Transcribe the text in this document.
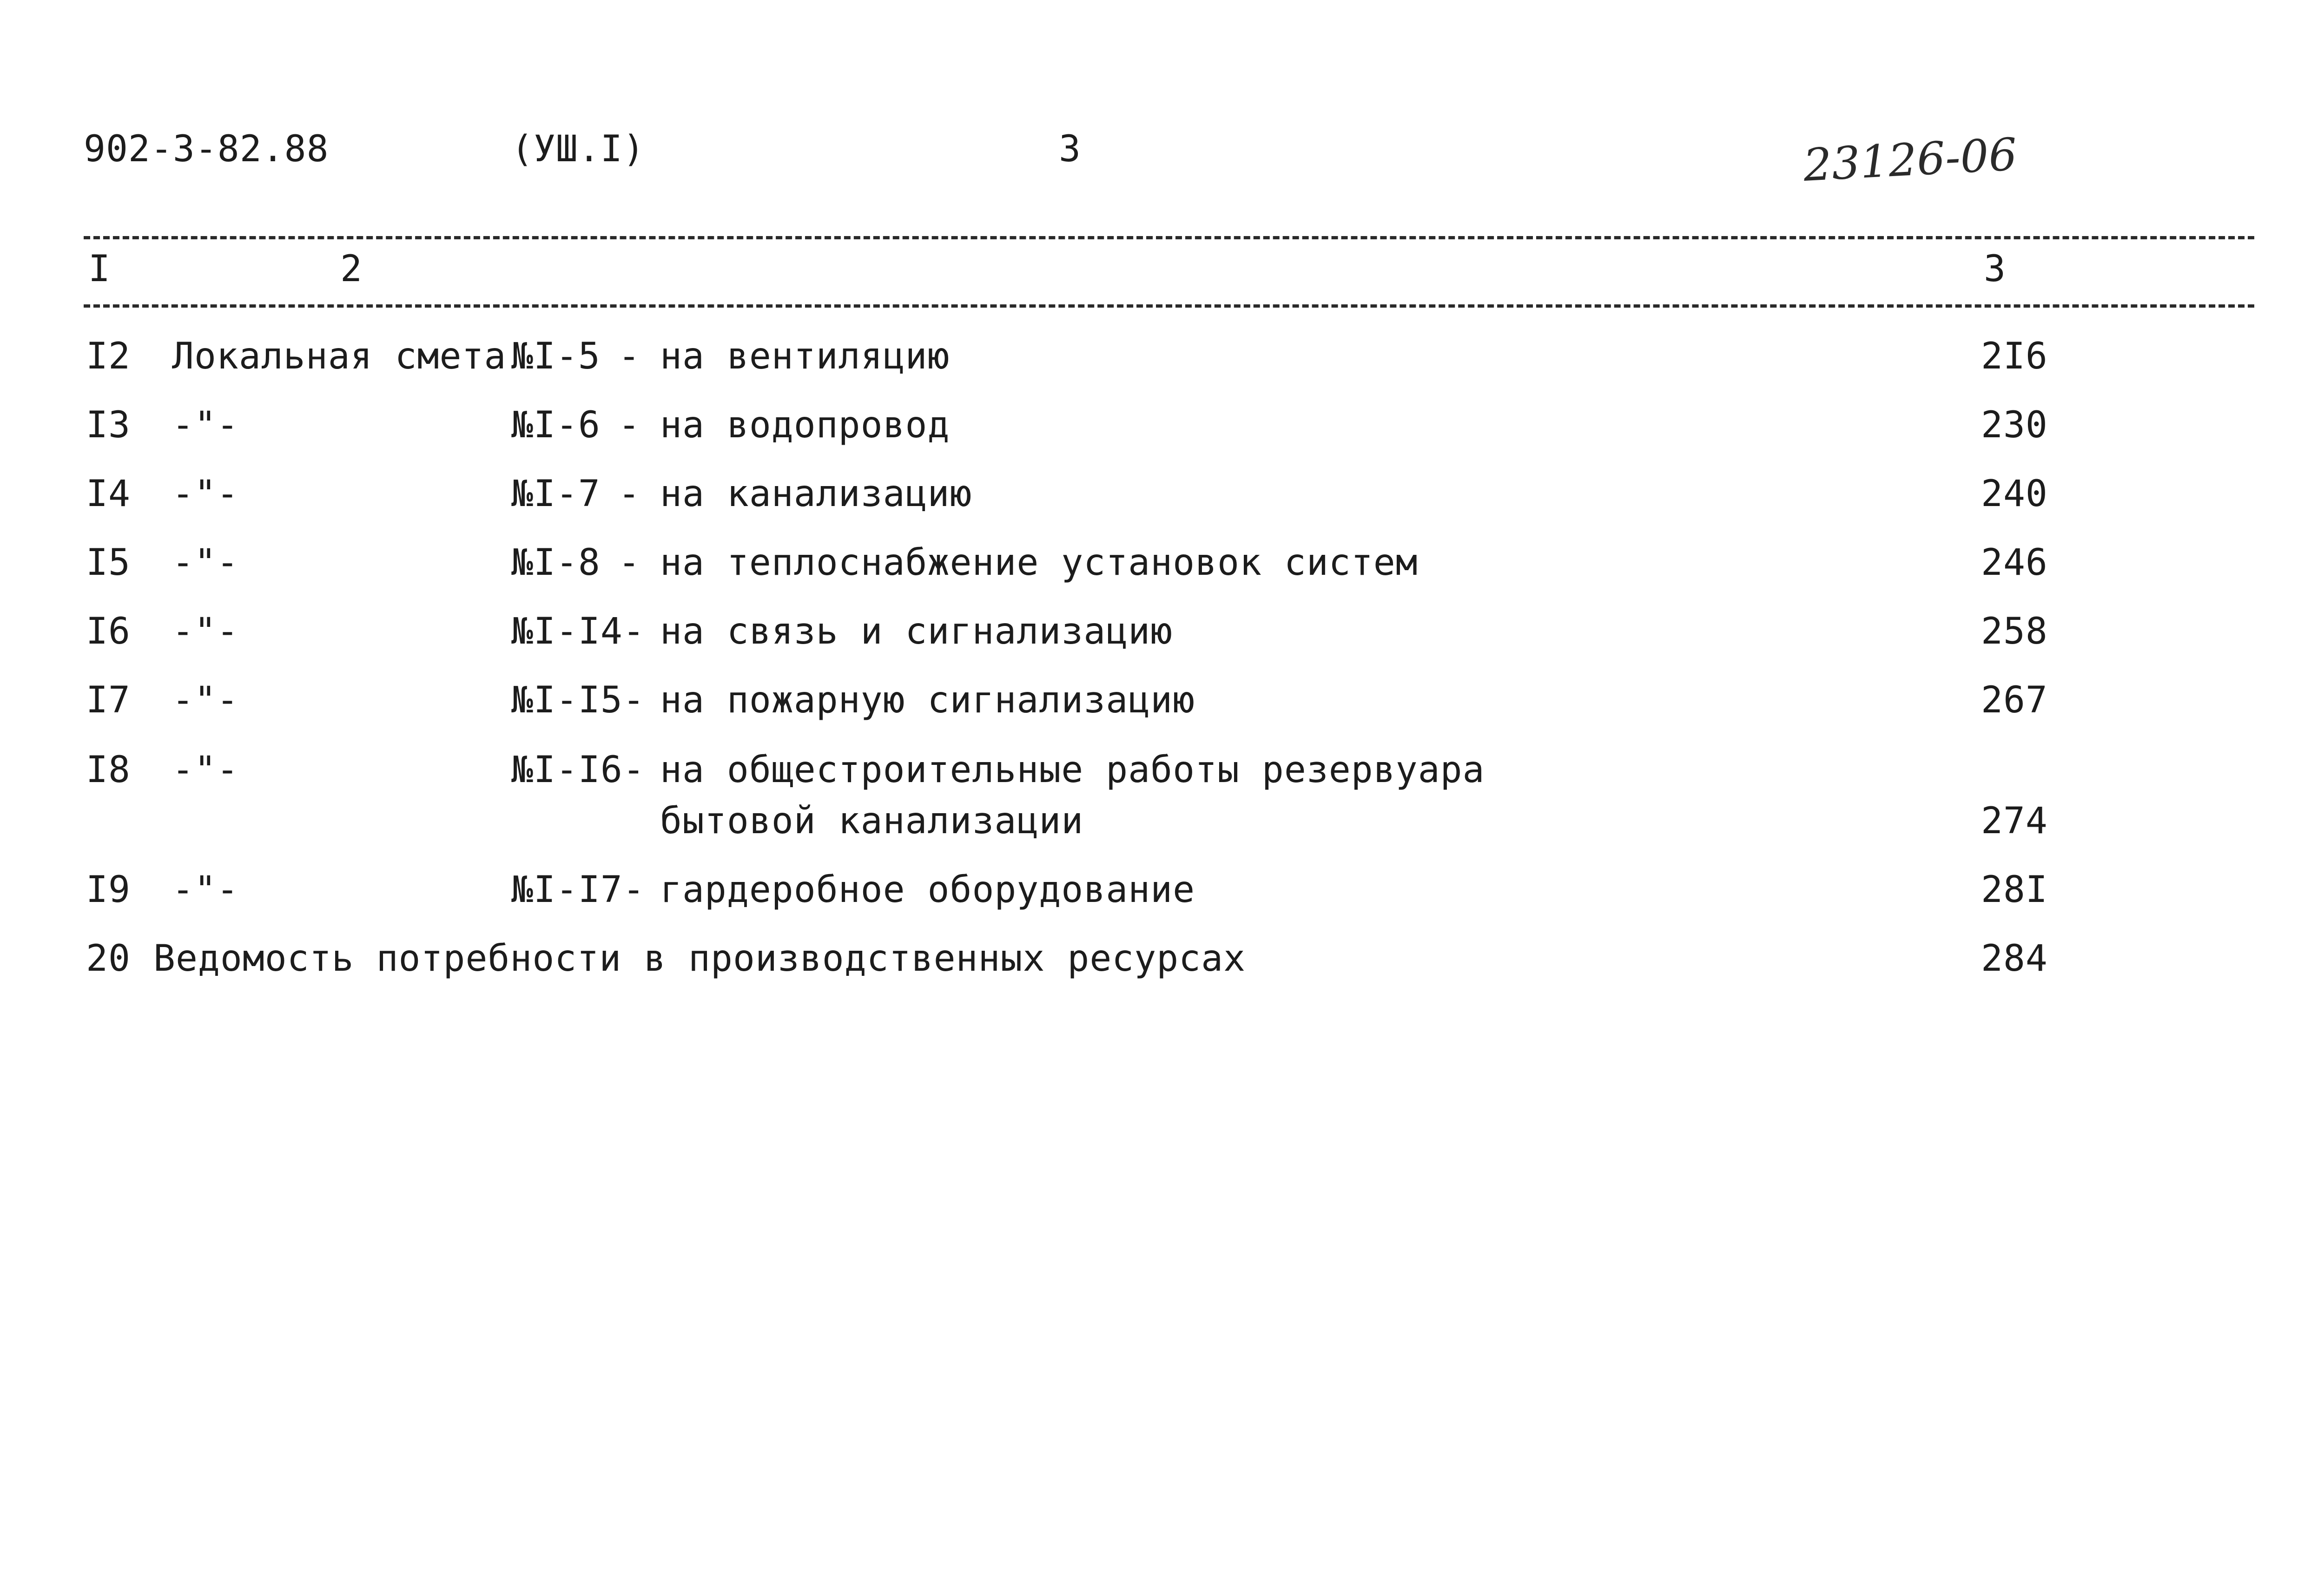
902-3-82.88	(УШ.I)	3	23126-06
I	2	3
I2 Локальная смета №I-5 - на вентиляцию	2I6
I3 -"-	№I-6 - на водопровод	230
I4 -"-	№I-7 - на канализацию	240
I5 -"-	№I-8 - на теплоснабжение установок систем	246
I6 -"-	№I-I4- на связь и сигнализацию	258
I7 -"-	№I-I5- на пожарную сигнализацию	267
I8 -"-	№I-I6- на общестроительные работы резервуара
бытовой канализации	274
I9 -"-	№I-I7- гардеробное оборудование	28I
20 Ведомость потребности в производственных ресурсах	284
